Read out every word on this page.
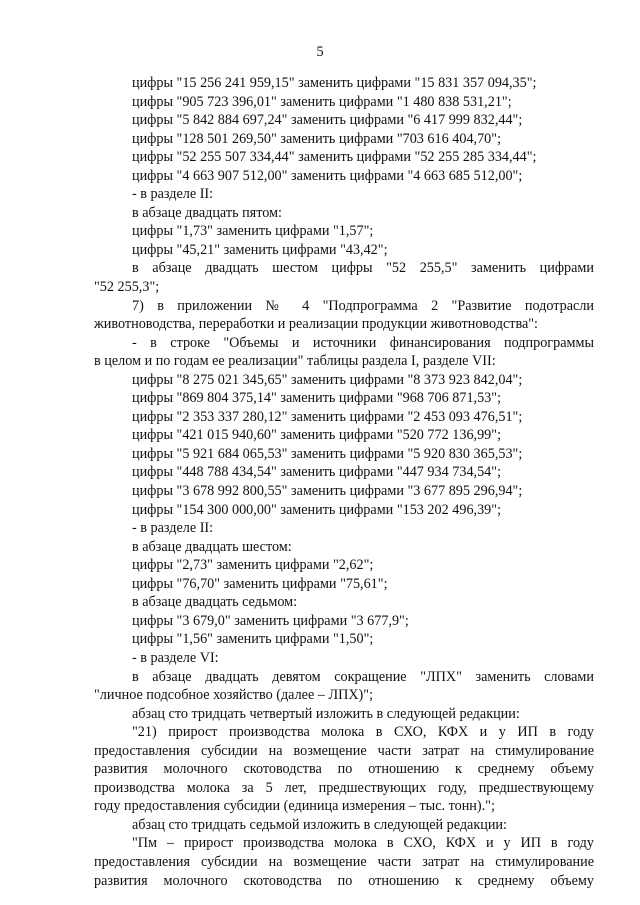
5
цифры "15 256 241 959,15" заменить цифрами "15 831 357 094,35";
цифры "905 723 396,01" заменить цифрами "1 480 838 531,21";
цифры "5 842 884 697,24" заменить цифрами "6 417 999 832,44";
цифры "128 501 269,50" заменить цифрами "703 616 404,70";
цифры "52 255 507 334,44" заменить цифрами "52 255 285 334,44";
цифры "4 663 907 512,00" заменить цифрами "4 663 685 512,00";
- в разделе II:
в абзаце двадцать пятом:
цифры "1,73" заменить цифрами "1,57";
цифры "45,21" заменить цифрами "43,42";
в абзаце двадцать шестом цифры "52 255,5" заменить цифрами
"52 255,3";
7) в приложении № 4 "Подпрограмма 2 "Развитие подотрасли
животноводства, переработки и реализации продукции животноводства":
- в строке "Объемы и источники финансирования подпрограммы
в целом и по годам ее реализации" таблицы раздела I, разделе VII:
цифры "8 275 021 345,65" заменить цифрами "8 373 923 842,04";
цифры "869 804 375,14" заменить цифрами "968 706 871,53";
цифры "2 353 337 280,12" заменить цифрами "2 453 093 476,51";
цифры "421 015 940,60" заменить цифрами "520 772 136,99";
цифры "5 921 684 065,53" заменить цифрами "5 920 830 365,53";
цифры "448 788 434,54" заменить цифрами "447 934 734,54";
цифры "3 678 992 800,55" заменить цифрами "3 677 895 296,94";
цифры "154 300 000,00" заменить цифрами "153 202 496,39";
- в разделе II:
в абзаце двадцать шестом:
цифры "2,73" заменить цифрами "2,62";
цифры "76,70" заменить цифрами "75,61";
в абзаце двадцать седьмом:
цифры "3 679,0" заменить цифрами "3 677,9";
цифры "1,56" заменить цифрами "1,50";
- в разделе VI:
в абзаце двадцать девятом сокращение "ЛПХ" заменить словами
"личное подсобное хозяйство (далее – ЛПХ)";
абзац сто тридцать четвертый изложить в следующей редакции:
"21) прирост производства молока в СХО, КФХ и у ИП в году
предоставления субсидии на возмещение части затрат на стимулирование
развития молочного скотоводства по отношению к среднему объему
производства молока за 5 лет, предшествующих году, предшествующему
году предоставления субсидии (единица измерения – тыс. тонн).";
абзац сто тридцать седьмой изложить в следующей редакции:
"Пм – прирост производства молока в СХО, КФХ и у ИП в году
предоставления субсидии на возмещение части затрат на стимулирование
развития молочного скотоводства по отношению к среднему объему
